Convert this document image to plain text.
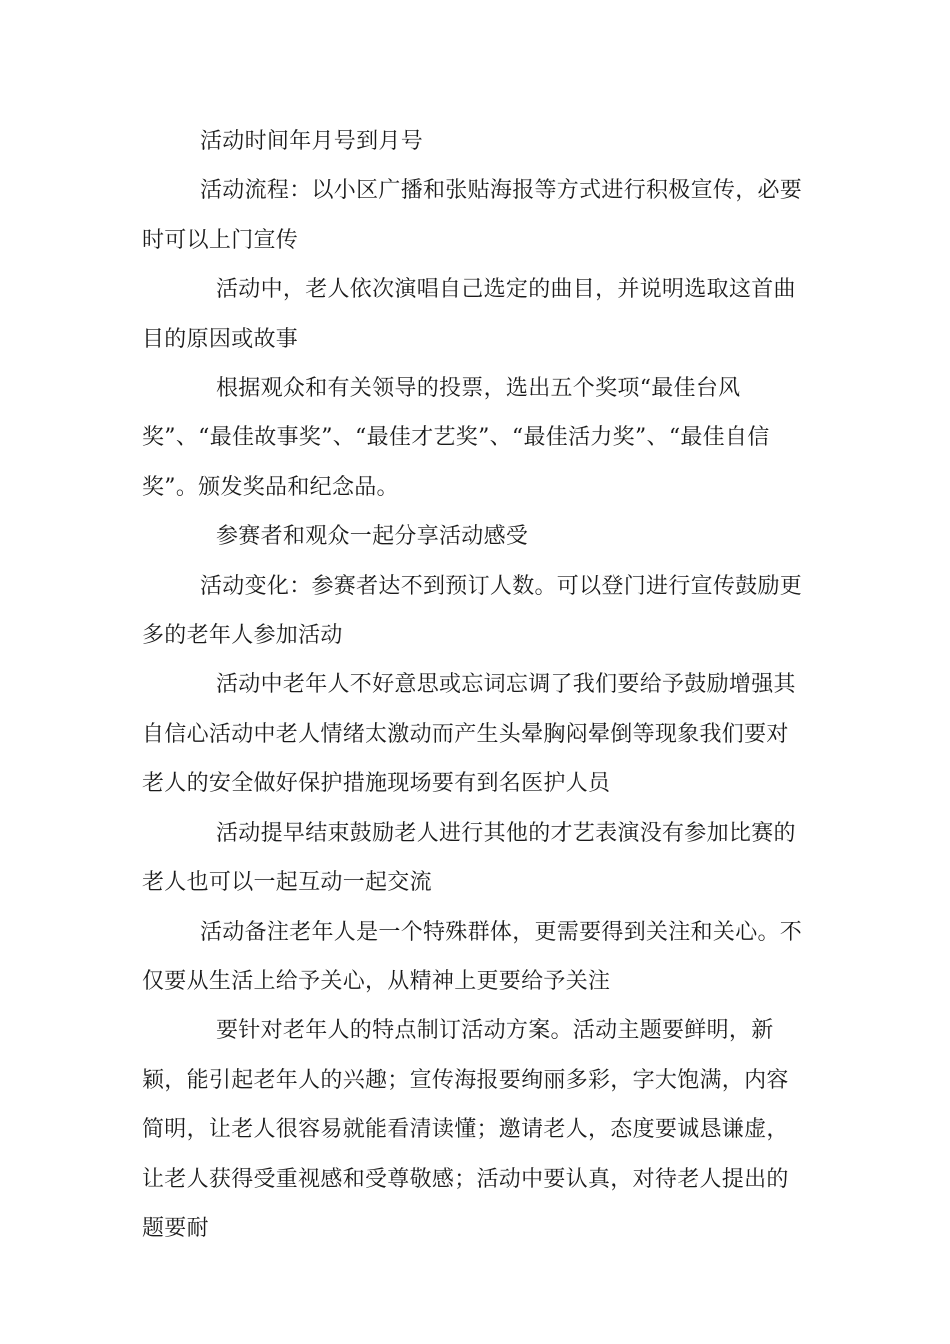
活动时间年月号到月号

活动流程：以小区广播和张贴海报等方式进行积极宣传，必要时可以上门宣传

活动中，老人依次演唱自己选定的曲目，并说明选取这首曲目的原因或故事

根据观众和有关领导的投票，选出五个奖项“最佳台风奖”、“最佳故事奖”、“最佳才艺奖”、“最佳活力奖”、“最佳自信奖”。颁发奖品和纪念品。

参赛者和观众一起分享活动感受

活动变化：参赛者达不到预订人数。可以登门进行宣传鼓励更多的老年人参加活动

活动中老年人不好意思或忘词忘调了我们要给予鼓励增强其自信心活动中老人情绪太激动而产生头晕胸闷晕倒等现象我们要对老人的安全做好保护措施现场要有到名医护人员

活动提早结束鼓励老人进行其他的才艺表演没有参加比赛的老人也可以一起互动一起交流

活动备注老年人是一个特殊群体，更需要得到关注和关心。不仅要从生活上给予关心，从精神上更要给予关注

要针对老年人的特点制订活动方案。活动主题要鲜明，新颖，能引起老年人的兴趣；宣传海报要绚丽多彩，字大饱满，内容简明，让老人很容易就能看清读懂；邀请老人，态度要诚恳谦虚，让老人获得受重视感和受尊敬感；活动中要认真，对待老人提出的题要耐
